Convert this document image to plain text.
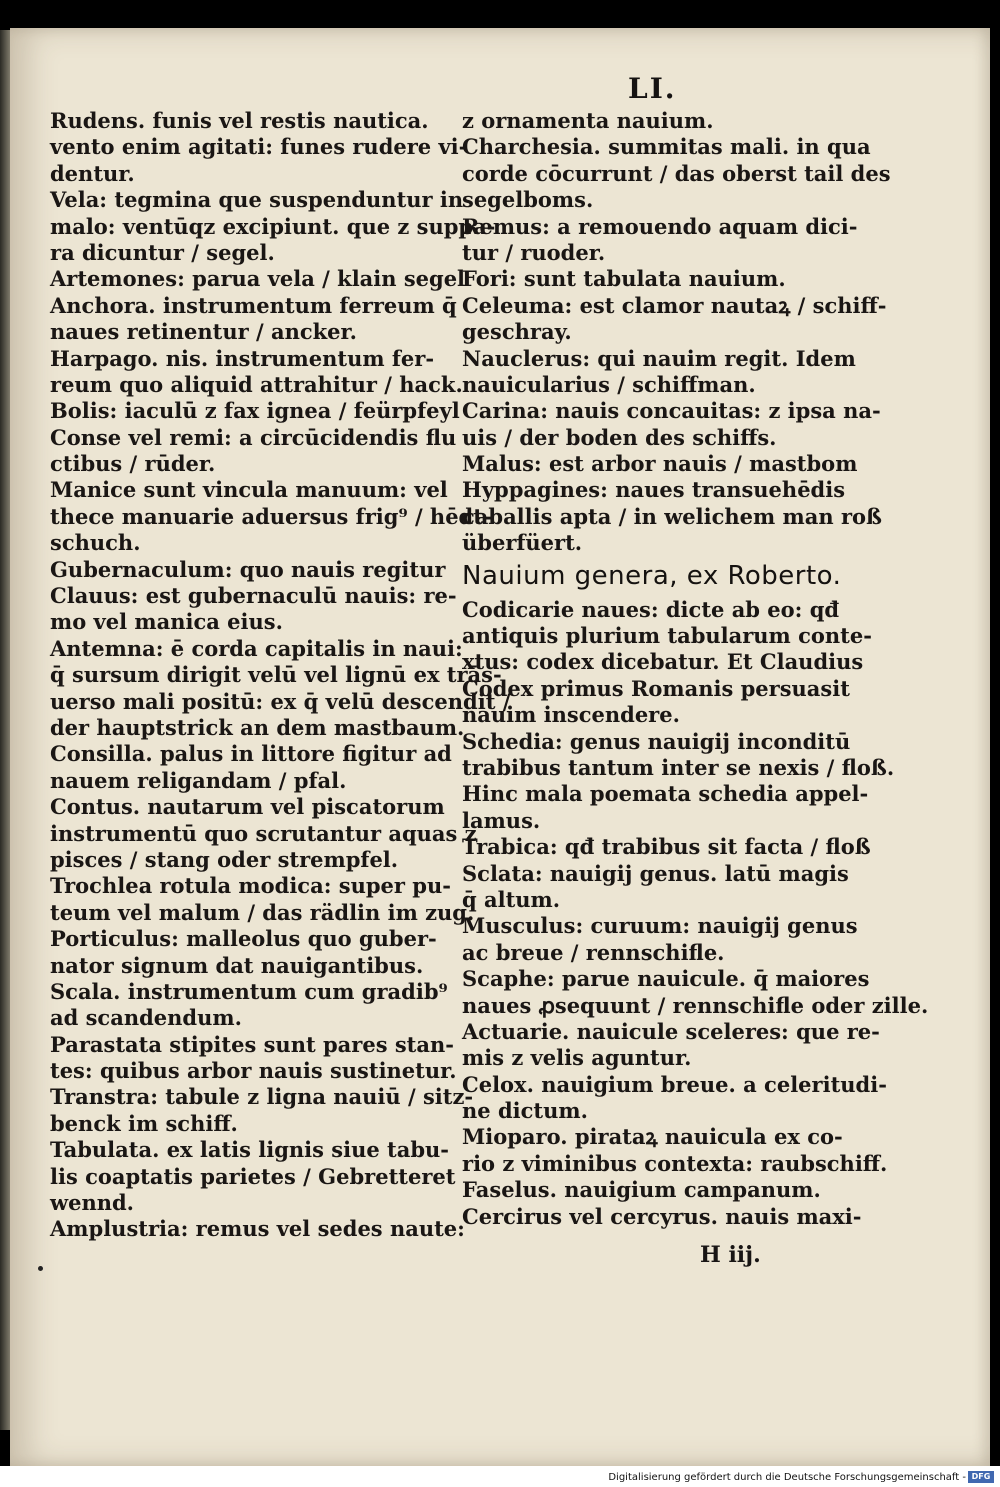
LI.
Rudens. funis vel restis nautica.
vento enim agitati: funes rudere vi-
dentur.
Vela: tegmina que suspenduntur in
malo: ventūqz excipiunt. que z suppa-
ra dicuntur / segel.
Artemones: parua vela / klain segel
Anchora. instrumentum ferreum q̄
naues retinentur / ancker.
Harpago. nis. instrumentum fer-
reum quo aliquid attrahitur / hack.
Bolis: iaculū z fax ignea / feürpfeyl
Conse vel remi: a circūcidendis flu
ctibus / rūder.
Manice sunt vincula manuum: vel
thece manuarie aduersus frig⁹ / hēdt-
schuch.
Gubernaculum: quo nauis regitur
Clauus: est gubernaculū nauis: re-
mo vel manica eius.
Antemna: ē corda capitalis in naui:
q̄ sursum dirigit velū vel lignū ex trās-
uerso mali positū: ex q̄ velū descendit /
der hauptstrick an dem mastbaum.
Consilla. palus in littore figitur ad
nauem religandam / pfal.
Contus. nautarum vel piscatorum
instrumentū quo scrutantur aquas z
pisces / stang oder strempfel.
Trochlea rotula modica: super pu-
teum vel malum / das rädlin im zug.
Porticulus: malleolus quo guber-
nator signum dat nauigantibus.
Scala. instrumentum cum gradib⁹
ad scandendum.
Parastata stipites sunt pares stan-
tes: quibus arbor nauis sustinetur.
Transtra: tabule z ligna nauiū / sitz-
benck im schiff.
Tabulata. ex latis lignis siue tabu-
lis coaptatis parietes / Gebretteret
wennd.
Amplustria: remus vel sedes naute:
z ornamenta nauium.
Charchesia. summitas mali. in qua
corde cōcurrunt / das oberst tail des
segelboms.
Remus: a remouendo aquam dici-
tur / ruoder.
Fori: sunt tabulata nauium.
Celeuma: est clamor nautaꝝ / schiff-
geschray.
Nauclerus: qui nauim regit. Idem
nauicularius / schiffman.
Carina: nauis concauitas: z ipsa na-
uis / der boden des schiffs.
Malus: est arbor nauis / mastbom
Hyppagines: naues transuehēdis
caballis apta / in welichem man roß
überfüert.
Nauium genera, ex Roberto.
Codicarie naues: dicte ab eo: qđ
antiquis plurium tabularum conte-
xtus: codex dicebatur. Et Claudius
Codex primus Romanis persuasit
nauim inscendere.
Schedia: genus nauigij inconditū
trabibus tantum inter se nexis / floß.
Hinc mala poemata schedia appel-
lamus.
Trabica: qđ trabibus sit facta / floß
Sclata: nauigij genus. latū magis
q̄ altum.
Musculus: curuum: nauigij genus
ac breue / rennschifle.
Scaphe: parue nauicule. q̄ maiores
naues ꝓsequunt / rennschifle oder zille.
Actuarie. nauicule sceleres: que re-
mis z velis aguntur.
Celox. nauigium breue. a celeritudi-
ne dictum.
Mioparo. pirataꝝ nauicula ex co-
rio z viminibus contexta: raubschiff.
Faselus. nauigium campanum.
Cercirus vel cercyrus. nauis maxi-
H iij.
Digitalisierung gefördert durch die Deutsche Forschungsgemeinschaft - DFG
